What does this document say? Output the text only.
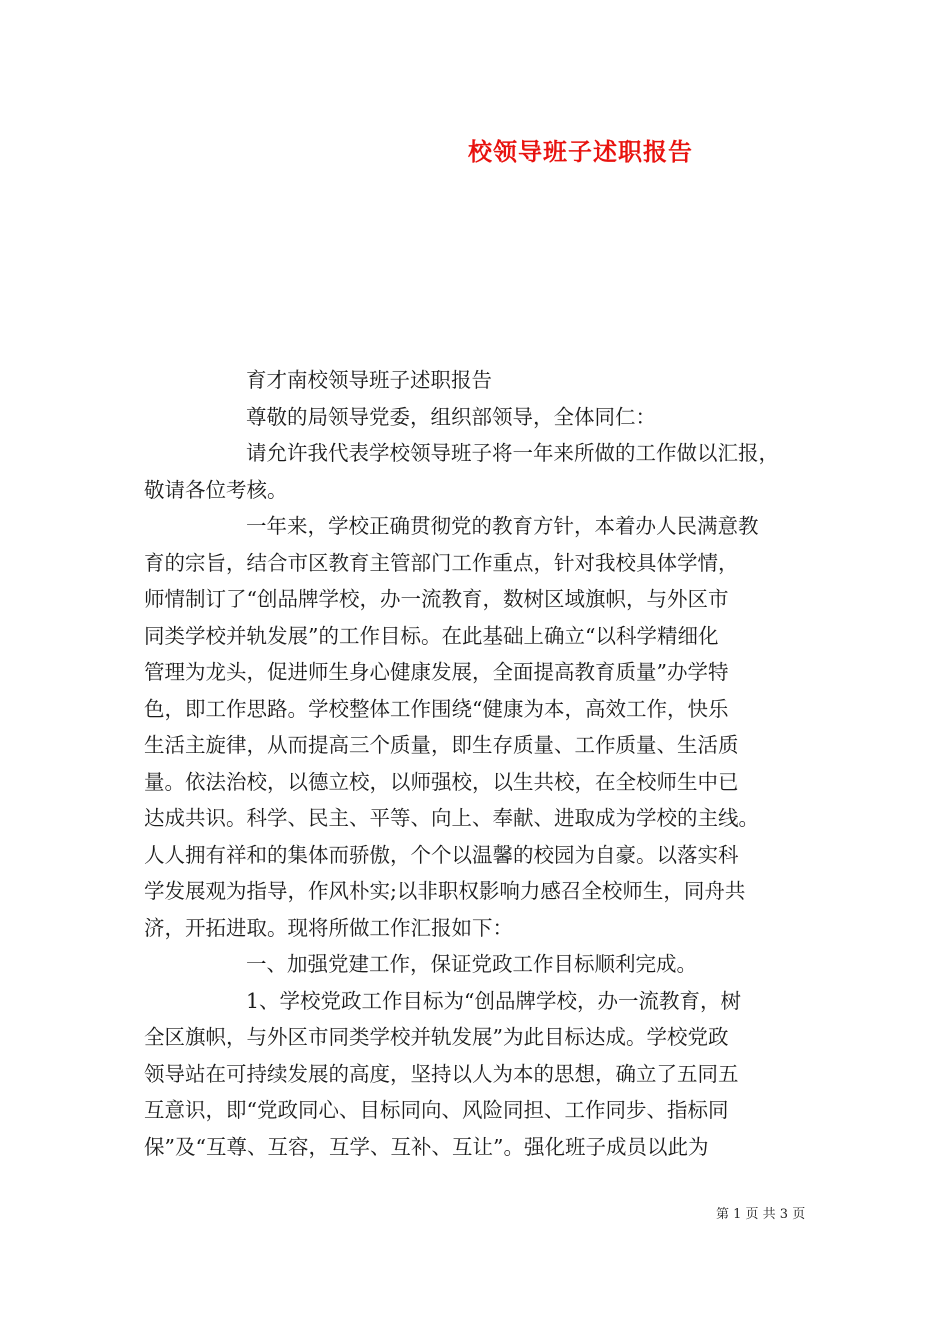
校领导班子述职报告
育才南校领导班子述职报告
尊敬的局领导党委，组织部领导，全体同仁：
请允许我代表学校领导班子将一年来所做的工作做以汇报，
敬请各位考核。
一年来，学校正确贯彻党的教育方针，本着办人民满意教
育的宗旨，结合市区教育主管部门工作重点，针对我校具体学情，
师情制订了“创品牌学校，办一流教育，数树区域旗帜，与外区市
同类学校并轨发展”的工作目标。在此基础上确立“以科学精细化
管理为龙头，促进师生身心健康发展，全面提高教育质量”办学特
色，即工作思路。学校整体工作围绕“健康为本，高效工作，快乐
生活主旋律，从而提高三个质量，即生存质量、工作质量、生活质
量。依法治校，以德立校，以师强校，以生共校，在全校师生中已
达成共识。科学、民主、平等、向上、奉献、进取成为学校的主线。
人人拥有祥和的集体而骄傲，个个以温馨的校园为自豪。以落实科
学发展观为指导，作风朴实;以非职权影响力感召全校师生，同舟共
济，开拓进取。现将所做工作汇报如下：
一、加强党建工作，保证党政工作目标顺利完成。
1、学校党政工作目标为“创品牌学校，办一流教育，树
全区旗帜，与外区市同类学校并轨发展”为此目标达成。学校党政
领导站在可持续发展的高度，坚持以人为本的思想，确立了五同五
互意识，即“党政同心、目标同向、风险同担、工作同步、指标同
保”及“互尊、互容，互学、互补、互让”。强化班子成员以此为
第 1 页 共 3 页
